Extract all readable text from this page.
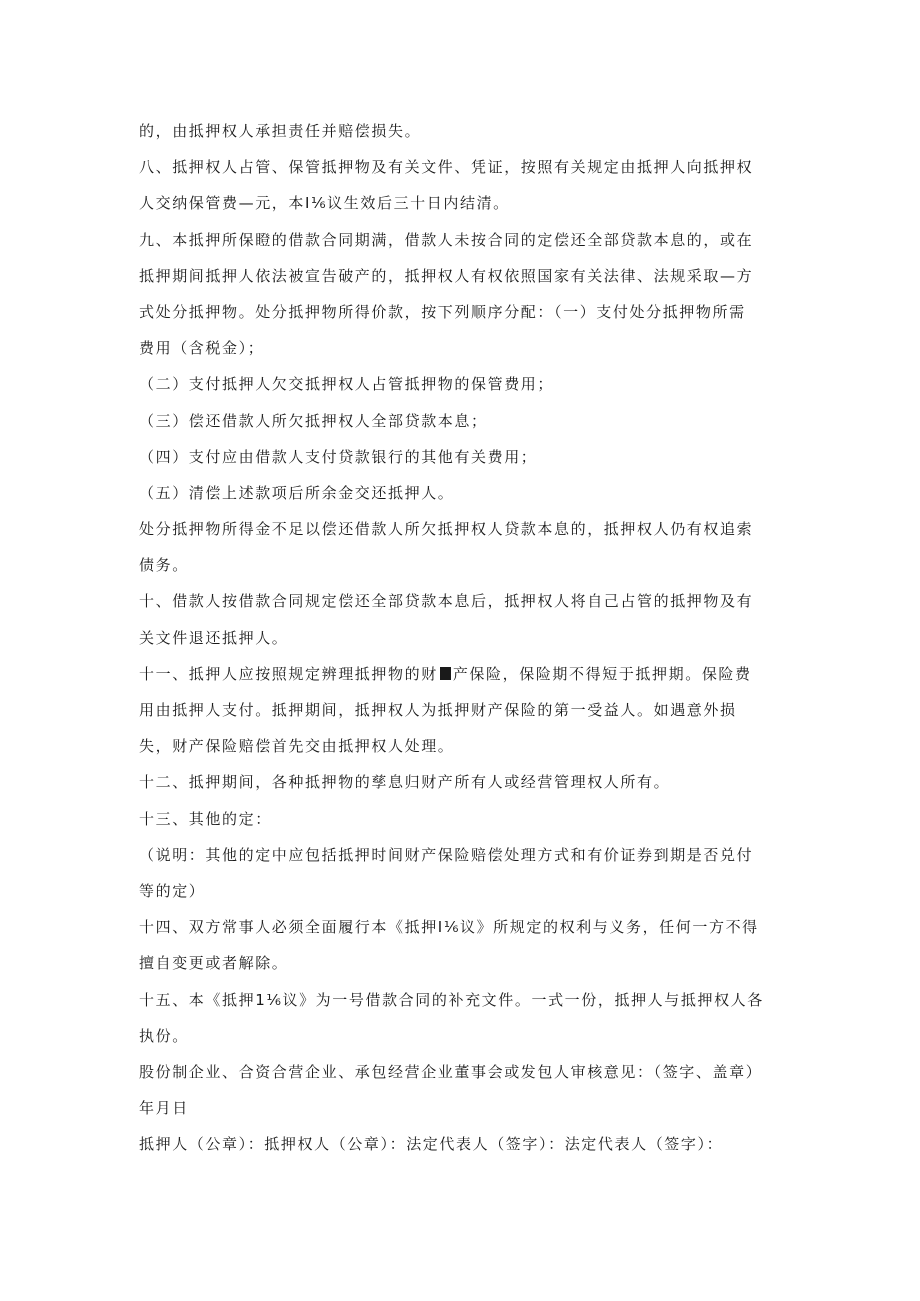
的，由抵押权人承担责任并赔偿损失。
八、抵押权人占管、保管抵押物及有关文件、凭证，按照有关规定由抵押人向抵押权
人交纳保管费—元，本I⅙议生效后三十日内结清。
九、本抵押所保瞪的借款合同期满，借款人未按合同的定偿还全部贷款本息的，或在
抵押期间抵押人依法被宣告破产的，抵押权人有权依照国家有关法律、法规采取—方
式处分抵押物。处分抵押物所得价款，按下列顺序分配：（一）支付处分抵押物所需
费用（含税金）；
（二）支付抵押人欠交抵押权人占管抵押物的保管费用；
（三）偿还借款人所欠抵押权人全部贷款本息；
（四）支付应由借款人支付贷款银行的其他有关费用；
（五）清偿上述款项后所余金交还抵押人。
处分抵押物所得金不足以偿还借款人所欠抵押权人贷款本息的，抵押权人仍有权追索
债务。
十、借款人按借款合同规定偿还全部贷款本息后，抵押权人将自己占管的抵押物及有
关文件退还抵押人。
十一、抵押人应按照规定辨理抵押物的财 产保险，保险期不得短于抵押期。保险费
用由抵押人支付。抵押期间，抵押权人为抵押财产保险的第一受益人。如遇意外损
失，财产保险赔偿首先交由抵押权人处理。
十二、抵押期间，各种抵押物的孳息归财产所有人或经营管理权人所有。
十三、其他的定：
（说明：其他的定中应包括抵押时间财产保险赔偿处理方式和有价证券到期是否兑付
等的定）
十四、双方常事人必须全面履行本《抵押I⅙议》所规定的权利与义务，任何一方不得
擅自变更或者解除。
十五、本《抵押1⅙议》为一号借款合同的补充文件。一式一份，抵押人与抵押权人各
执份。
股份制企业、合资合营企业、承包经营企业董事会或发包人审核意见：（签字、盖章）
年月日
抵押人（公章）：抵押权人（公章）：法定代表人（签字）：法定代表人（签字）：
